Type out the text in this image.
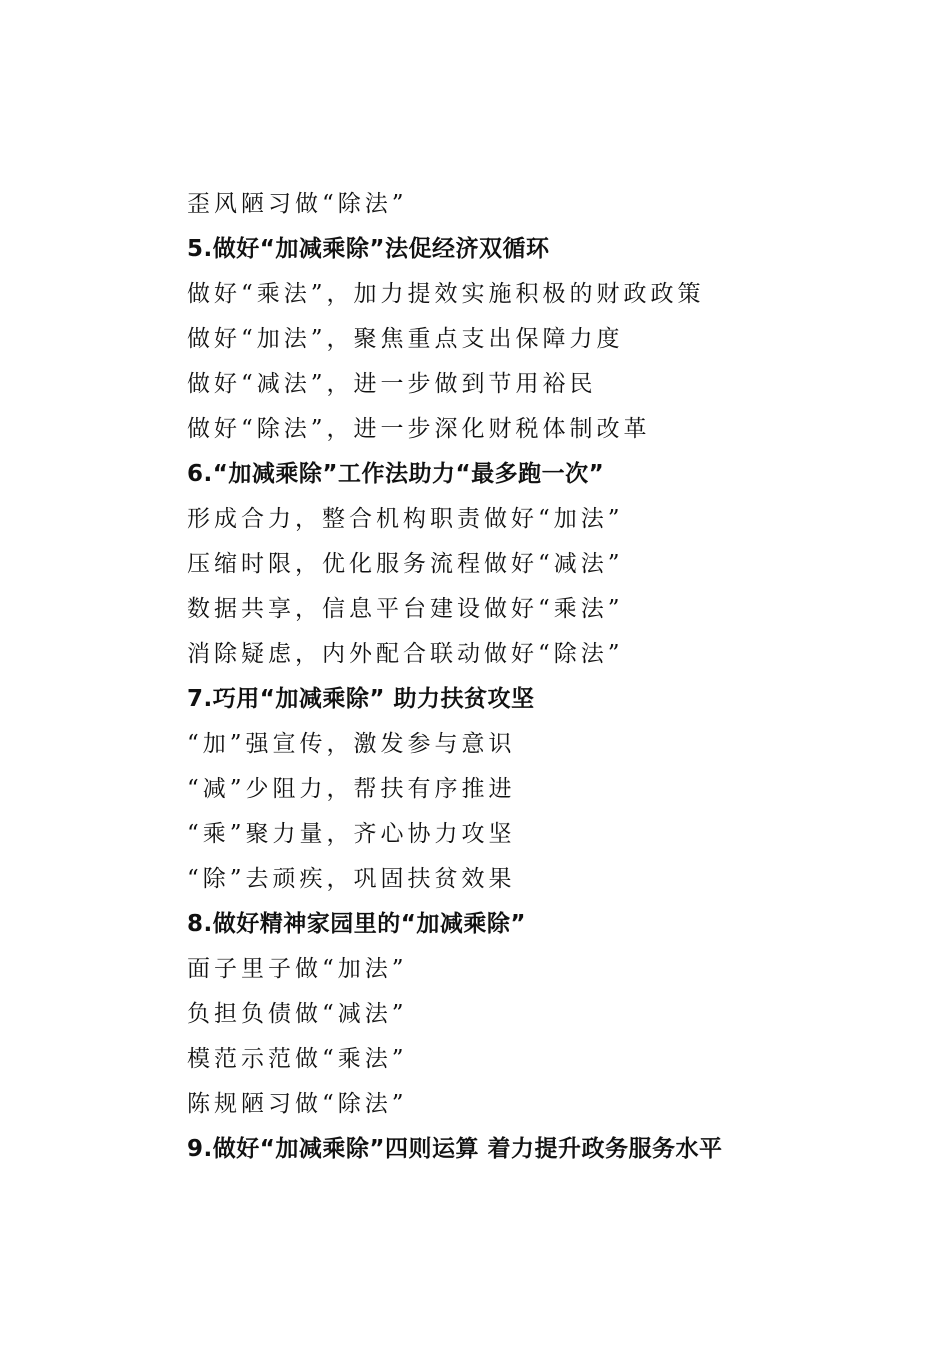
歪风陋习做“除法”
5.做好“加减乘除”法促经济双循环
做好“乘法”，加力提效实施积极的财政政策
做好“加法”，聚焦重点支出保障力度
做好“减法”，进一步做到节用裕民
做好“除法”，进一步深化财税体制改革
6.“加减乘除”工作法助力“最多跑一次”
形成合力，整合机构职责做好“加法”
压缩时限，优化服务流程做好“减法”
数据共享，信息平台建设做好“乘法”
消除疑虑，内外配合联动做好“除法”
7.巧用“加减乘除” 助力扶贫攻坚
“加”强宣传，激发参与意识
“减”少阻力，帮扶有序推进
“乘”聚力量，齐心协力攻坚
“除”去顽疾，巩固扶贫效果
8.做好精神家园里的“加减乘除”
面子里子做“加法”
负担负债做“减法”
模范示范做“乘法”
陈规陋习做“除法”
9.做好“加减乘除”四则运算 着力提升政务服务水平
